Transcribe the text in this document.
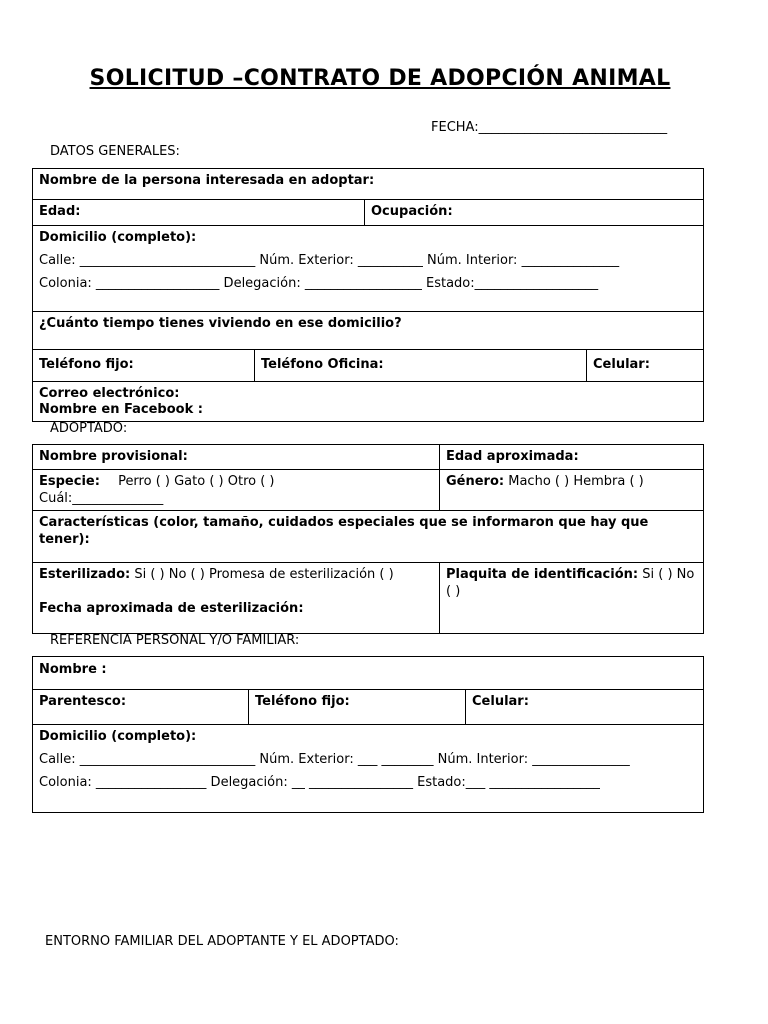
SOLICITUD –CONTRATO DE ADOPCIÓN ANIMAL
FECHA:_____________________________
DATOS GENERALES:
Nombre de la persona interesada en adoptar:			
Edad:		Ocupación:	
Domicilio (completo):
Calle: ___________________________ Núm. Exterior: __________ Núm. Interior: _______________
Colonia: ___________________ Delegación: __________________ Estado:___________________			

¿Cuánto tiempo tienes viviendo en ese domicilio?			
Teléfono fijo:	Teléfono Oficina:		Celular:

Correo electrónico:
Nombre en Facebook :			
ADOPTADO:
Nombre provisional:	Edad aproximada:
Especie: Perro ( ) Gato ( ) Otro ( )
Cuál:______________	Género: Macho ( ) Hembra ( )
Características (color, tamaño, cuidados especiales que se informaron que hay que tener):	

Esterilizado: Si ( ) No ( ) Promesa de esterilización ( )
Fecha aproximada de esterilización:	Plaquita de identificación: Si ( ) No ( )
REFERENCIA PERSONAL Y/O FAMILIAR:
Nombre :
Parentesco:	Teléfono fijo:	Celular:
Domicilio (completo):
Calle: ___________________________ Núm. Exterior: ___ ________ Núm. Interior: _______________
Colonia: _________________ Delegación: __ ________________ Estado:___ _________________
ENTORNO FAMILIAR DEL ADOPTANTE Y EL ADOPTADO:
